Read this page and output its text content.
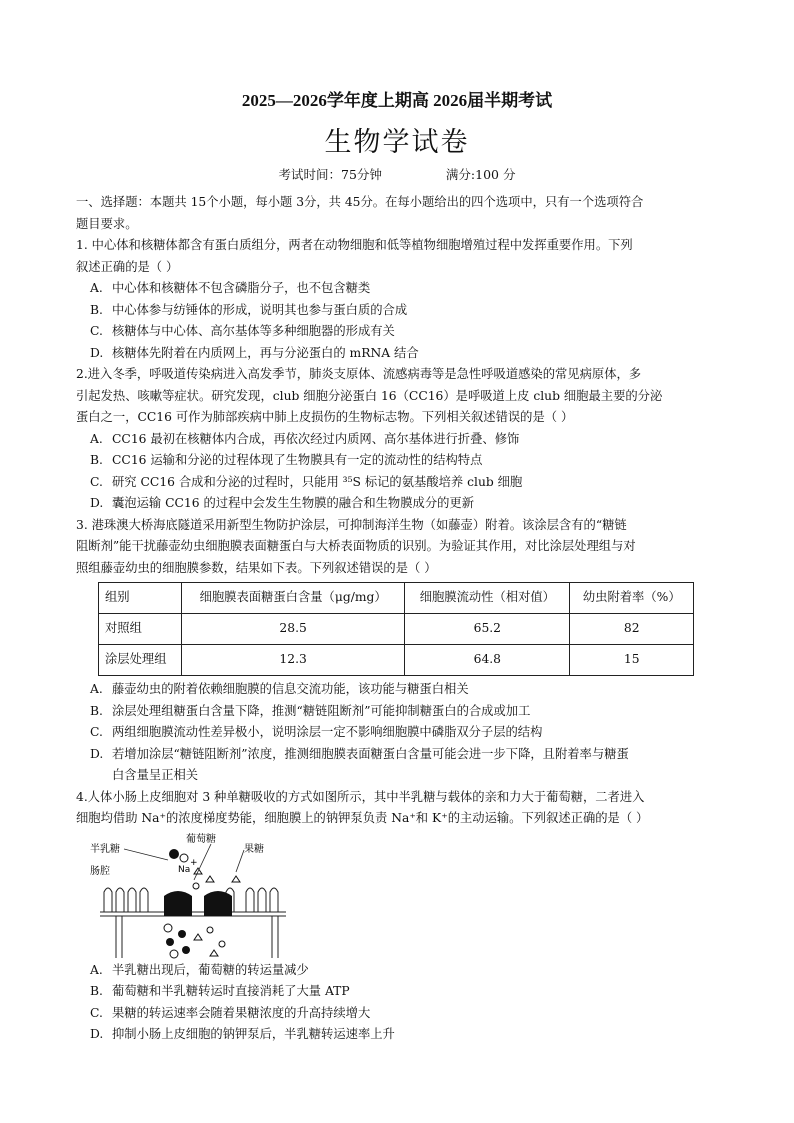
2025—2026学年度上期高 2026届半期考试
生物学试卷
考试时间：75分钟	满分:100 分

一、选择题：本题共 15个小题，每小题 3分，共 45分。在每小题给出的四个选项中，只有一个选项符合

题目要求。

1. 中心体和核糖体都含有蛋白质组分，两者在动物细胞和低等植物细胞增殖过程中发挥重要作用。下列

叙述正确的是（ ）

A. 中心体和核糖体不包含磷脂分子，也不包含糖类

B. 中心体参与纺锤体的形成，说明其也参与蛋白质的合成

C. 核糖体与中心体、高尔基体等多种细胞器的形成有关

D. 核糖体先附着在内质网上，再与分泌蛋白的 mRNA 结合

2.进入冬季，呼吸道传染病进入高发季节，肺炎支原体、流感病毒等是急性呼吸道感染的常见病原体，多

引起发热、咳嗽等症状。研究发现，club 细胞分泌蛋白 16（CC16）是呼吸道上皮 club 细胞最主要的分泌

蛋白之一，CC16 可作为肺部疾病中肺上皮损伤的生物标志物。下列相关叙述错误的是（ ）

A. CC16 最初在核糖体内合成，再依次经过内质网、高尔基体进行折叠、修饰

B. CC16 运输和分泌的过程体现了生物膜具有一定的流动性的结构特点

C. 研究 CC16 合成和分泌的过程时，只能用 ³⁵S 标记的氨基酸培养 club 细胞

D. 囊泡运输 CC16 的过程中会发生生物膜的融合和生物膜成分的更新

3. 港珠澳大桥海底隧道采用新型生物防护涂层，可抑制海洋生物（如藤壶）附着。该涂层含有的“糖链

阻断剂”能干扰藤壶幼虫细胞膜表面糖蛋白与大桥表面物质的识别。为验证其作用，对比涂层处理组与对

照组藤壶幼虫的细胞膜参数，结果如下表。下列叙述错误的是（ ）

组别	细胞膜表面糖蛋白含量（μg/mg）	细胞膜流动性（相对值）	幼虫附着率（%）
对照组	28.5	65.2	82
涂层处理组	12.3	64.8	15

A. 藤壶幼虫的附着依赖细胞膜的信息交流功能，该功能与糖蛋白相关

B. 涂层处理组糖蛋白含量下降，推测“糖链阻断剂”可能抑制糖蛋白的合成或加工

C. 两组细胞膜流动性差异极小，说明涂层一定不影响细胞膜中磷脂双分子层的结构

D. 若增加涂层“糖链阻断剂”浓度，推测细胞膜表面糖蛋白含量可能会进一步下降，且附着率与糖蛋

白含量呈正相关

4.人体小肠上皮细胞对 3 种单糖吸收的方式如图所示，其中半乳糖与载体的亲和力大于葡萄糖，二者进入

细胞均借助 Na⁺的浓度梯度势能，细胞膜上的钠钾泵负责 Na⁺和 K⁺的主动运输。下列叙述正确的是（ ）

半乳糖
肠腔
葡萄糖
果糖
Na
+

A. 半乳糖出现后，葡萄糖的转运量减少

B. 葡萄糖和半乳糖转运时直接消耗了大量 ATP

C. 果糖的转运速率会随着果糖浓度的升高持续增大

D. 抑制小肠上皮细胞的钠钾泵后，半乳糖转运速率上升
